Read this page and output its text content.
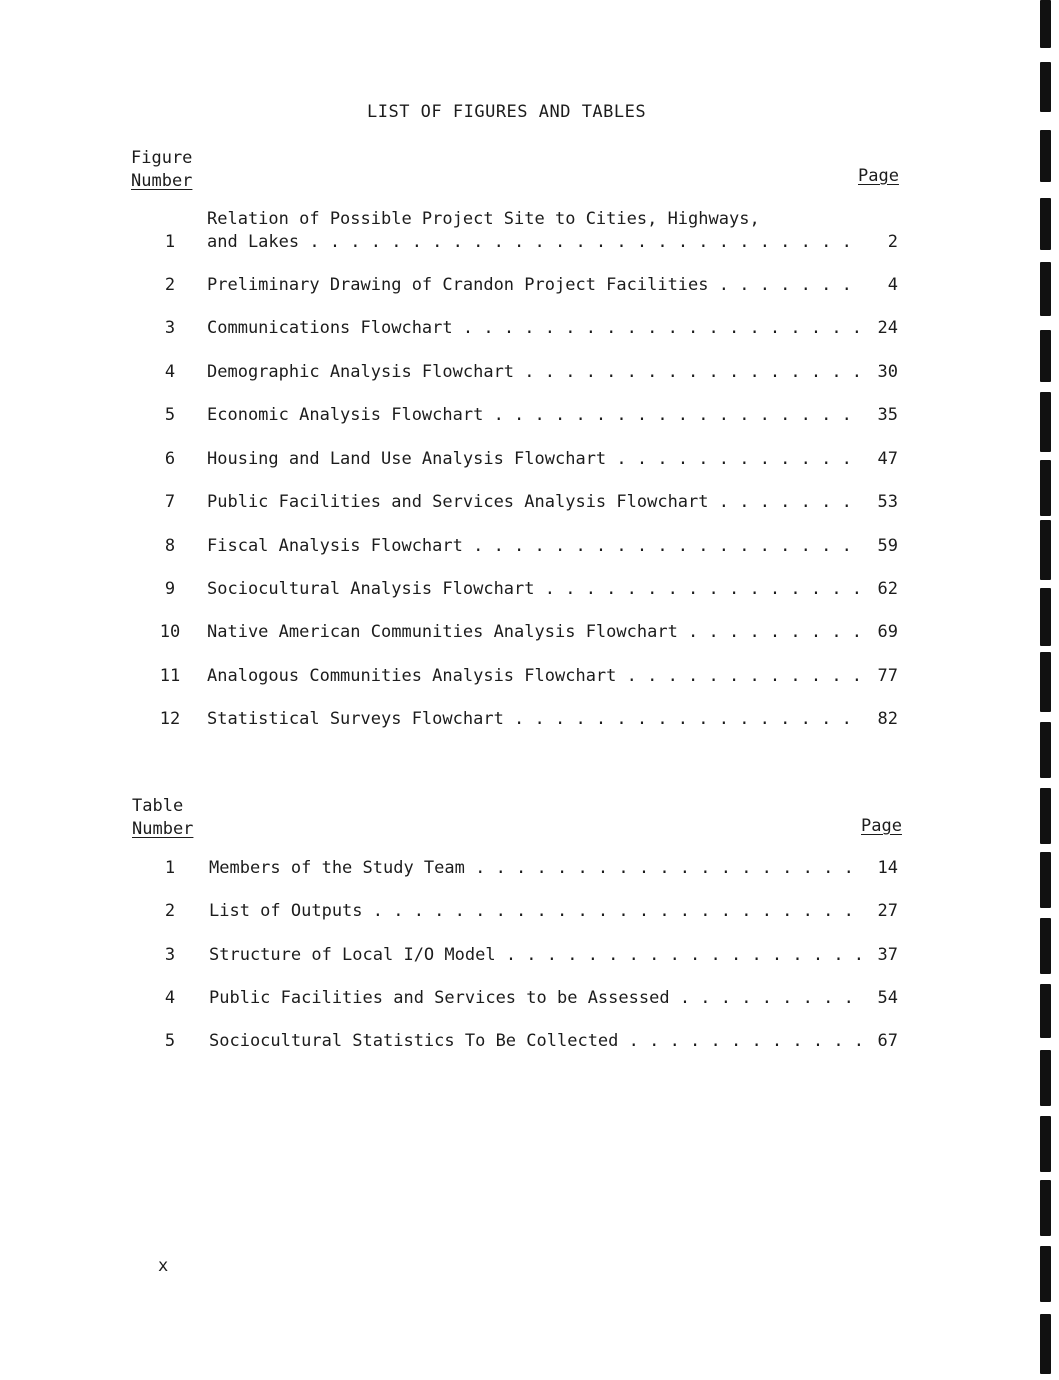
LIST OF FIGURES AND TABLES
Figure
Number	Page
Relation of Possible Project Site to Cities, Highways,
1	and Lakes . . .	2
2	Preliminary Drawing of Crandon Project Facilities . . .	4
3	Communications Flowchart . . .	24
4	Demographic Analysis Flowchart . . .	30
5	Economic Analysis Flowchart . . .	35
6	Housing and Land Use Analysis Flowchart . . .	47
7	Public Facilities and Services Analysis Flowchart . . .	53
8	Fiscal Analysis Flowchart . . .	59
9	Sociocultural Analysis Flowchart . . .	62
10	Native American Communities Analysis Flowchart . . .	69
11	Analogous Communities Analysis Flowchart . . .	77
12	Statistical Surveys Flowchart . . .	82
Table
Number	Page
1	Members of the Study Team . . .	14
2	List of Outputs . . .	27
3	Structure of Local I/O Model . . .	37
4	Public Facilities and Services to be Assessed . . .	54
5	Sociocultural Statistics To Be Collected . . .	67
x
